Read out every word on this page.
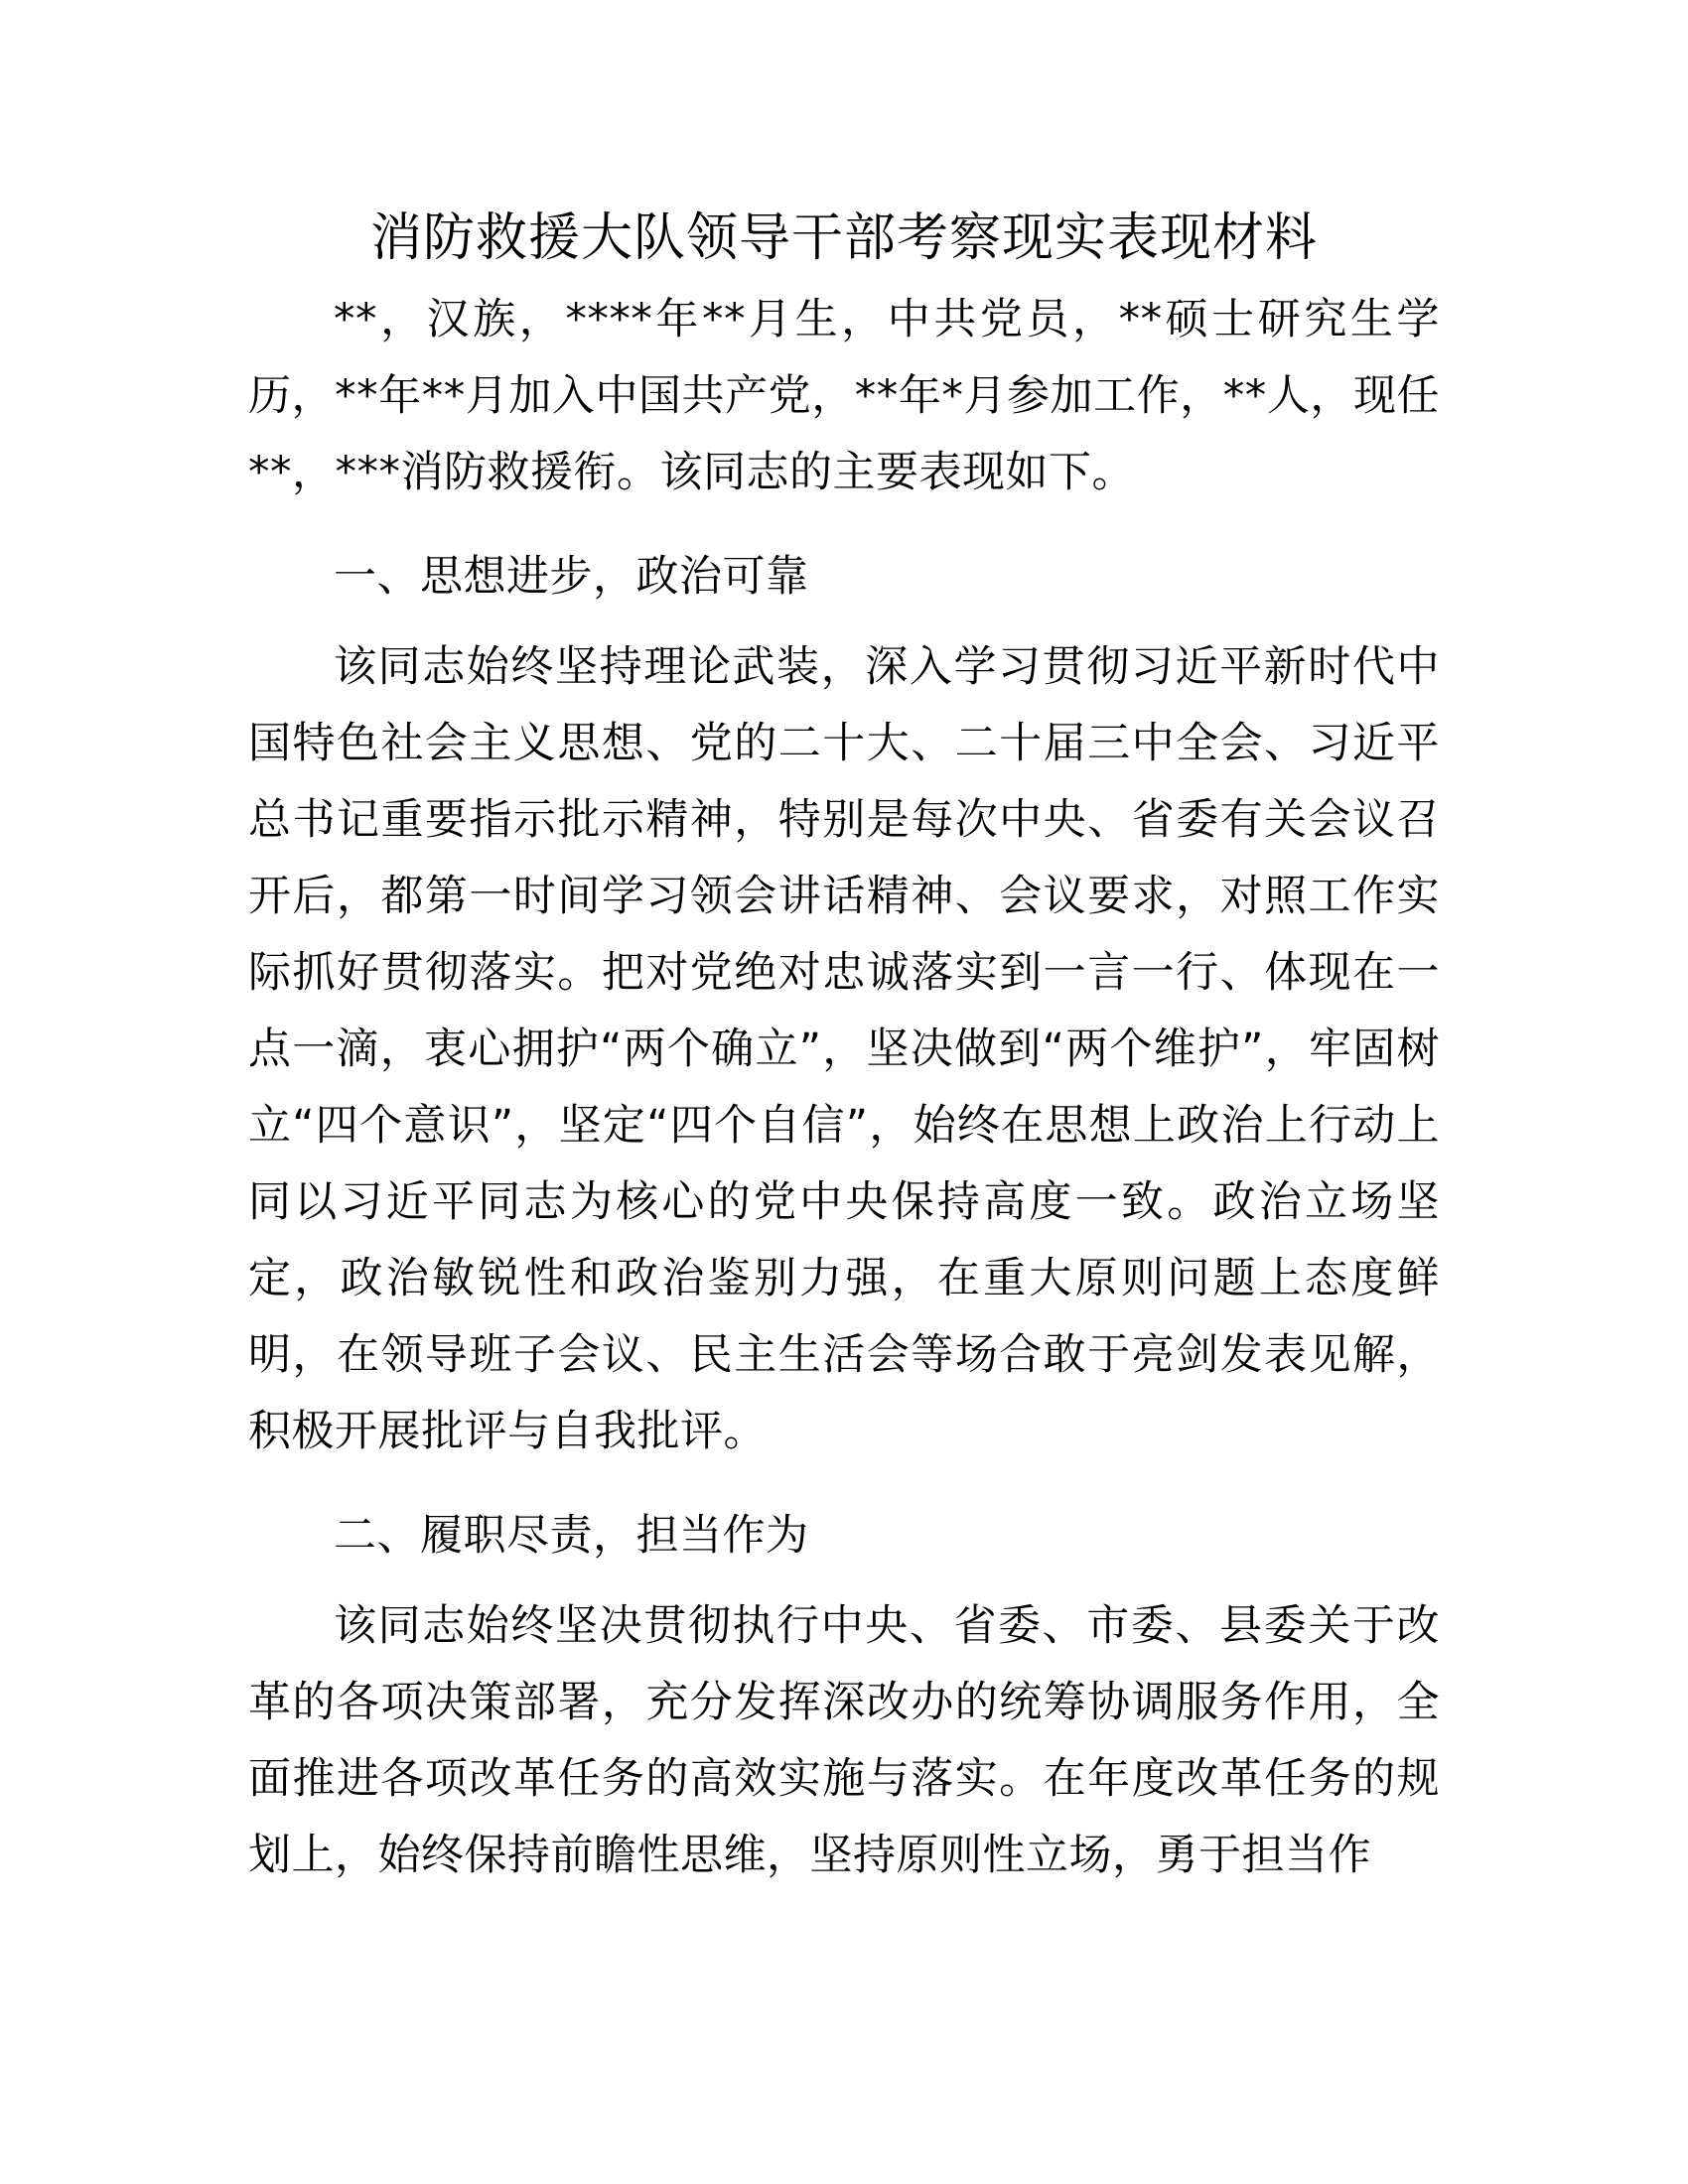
消防救援大队领导干部考察现实表现材料

**，汉族，****年**月生，中共党员，**硕士研究生学历，**年**月加入中国共产党，**年*月参加工作，**人，现任**，***消防救援衔。该同志的主要表现如下。

一、思想进步，政治可靠

该同志始终坚持理论武装，深入学习贯彻习近平新时代中国特色社会主义思想、党的二十大、二十届三中全会、习近平总书记重要指示批示精神，特别是每次中央、省委有关会议召开后，都第一时间学习领会讲话精神、会议要求，对照工作实际抓好贯彻落实。把对党绝对忠诚落实到一言一行、体现在一点一滴，衷心拥护“两个确立”，坚决做到“两个维护”，牢固树立“四个意识”，坚定“四个自信”，始终在思想上政治上行动上同以习近平同志为核心的党中央保持高度一致。政治立场坚定，政治敏锐性和政治鉴别力强，在重大原则问题上态度鲜明，在领导班子会议、民主生活会等场合敢于亮剑发表见解，积极开展批评与自我批评。

二、履职尽责，担当作为

该同志始终坚决贯彻执行中央、省委、市委、县委关于改革的各项决策部署，充分发挥深改办的统筹协调服务作用，全面推进各项改革任务的高效实施与落实。在年度改革任务的规划上，始终保持前瞻性思维，坚持原则性立场，勇于担当作
